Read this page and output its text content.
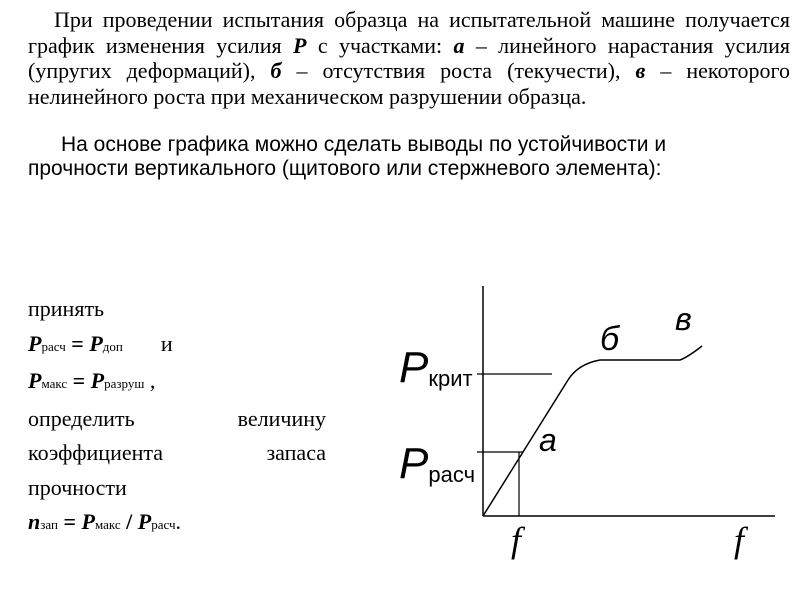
При проведении испытания образца на испытательной машине получается график изменения усилия P с участками: а – линейного нарастания усилия (упругих деформаций), б – отсутствия роста (текучести), в – некоторого нелинейного роста при механическом разрушении образца.
На основе графика можно сделать выводы по устойчивости и прочности вертикального (щитового или стержневого элемента):
принять
Pрасч = Pдоп и
Pмакс = Pразруш ,
определить	величину
коэффициента	запаса
прочности
nзап = Pмакс / Pрасч.
Pкрит
Pрасч
а
б
в
f	f
